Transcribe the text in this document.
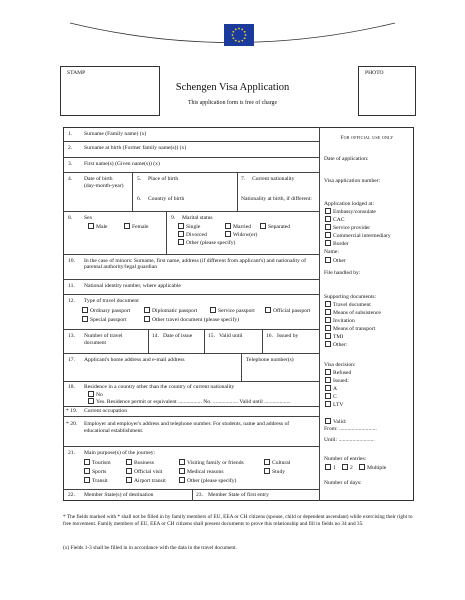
STAMP	PHOTO
Schengen Visa Application
This application form is free of charge
1. Surname (Family name) (x)
2. Surname at birth (Former family name(s)) (x)
3. First name(s) (Given name(s)) (x)
4. Date of birth
(day-month-year)
5. Place of birth
6. Country of birth
7. Current nationality
Nationality at birth, if different:
8. Sex
Male	Female
9. Marital status
Single	Married	Separated
Divorced	Widow(er)
Other (please specify)
10. In the case of minors: Surname, first name, address (if different from applicant's) and nationality of parental authority/legal guardian
11. National identity number, where applicable
12. Type of travel document
Ordinary passport	Diplomatic passport	Service passport	Official passport
Special passport	Other travel document (please specify)
13. Number of travel
document
14. Date of issue	15. Valid until	16. Issued by
17. Applicant's home address and e-mail address	Telephone number(s)
18. Residence in a country other than the country of current nationality
No
Yes. Residence permit or equivalent ................. No. .................. Valid until ...................
* 19. Current occupation
* 20. Employer and employer's address and telephone number. For students, name and address of
educational establishment.
21. Main purpose(s) of the journey:
Tourism	Business	Visiting family or friends	Cultural
Sports	Official visit	Medical reasons	Study
Transit	Airport transit	Other (please specify)
22. Member State(s) of destination	23. Member State of first entry
For official use only
Date of application:
Visa application number:
Application lodged at:
Embassy/consulate
CAC
Service provider
Commercial intermediary
Border
Name:
Other
File handled by:
Supporting documents:
Travel document
Means of subsistence
Invitation
Means of transport
TMI
Other:
Visa decision:
Refused
Issued:
A
C
LTV
Valid:
From: ...........................
Until: ..........................
Number of entries:
1	2	Multiple
Number of days:
* The fields marked with * shall not be filled in by family members of EU, EEA or CH citizens (spouse, child or dependent ascendant) while exercising their right to free movement. Family members of EU, EEA or CH citizens shall present documents to prove this relationship and fill in fields no 34 and 35.
(x) Fields 1-3 shall be filled in in accordance with the data in the travel document.
